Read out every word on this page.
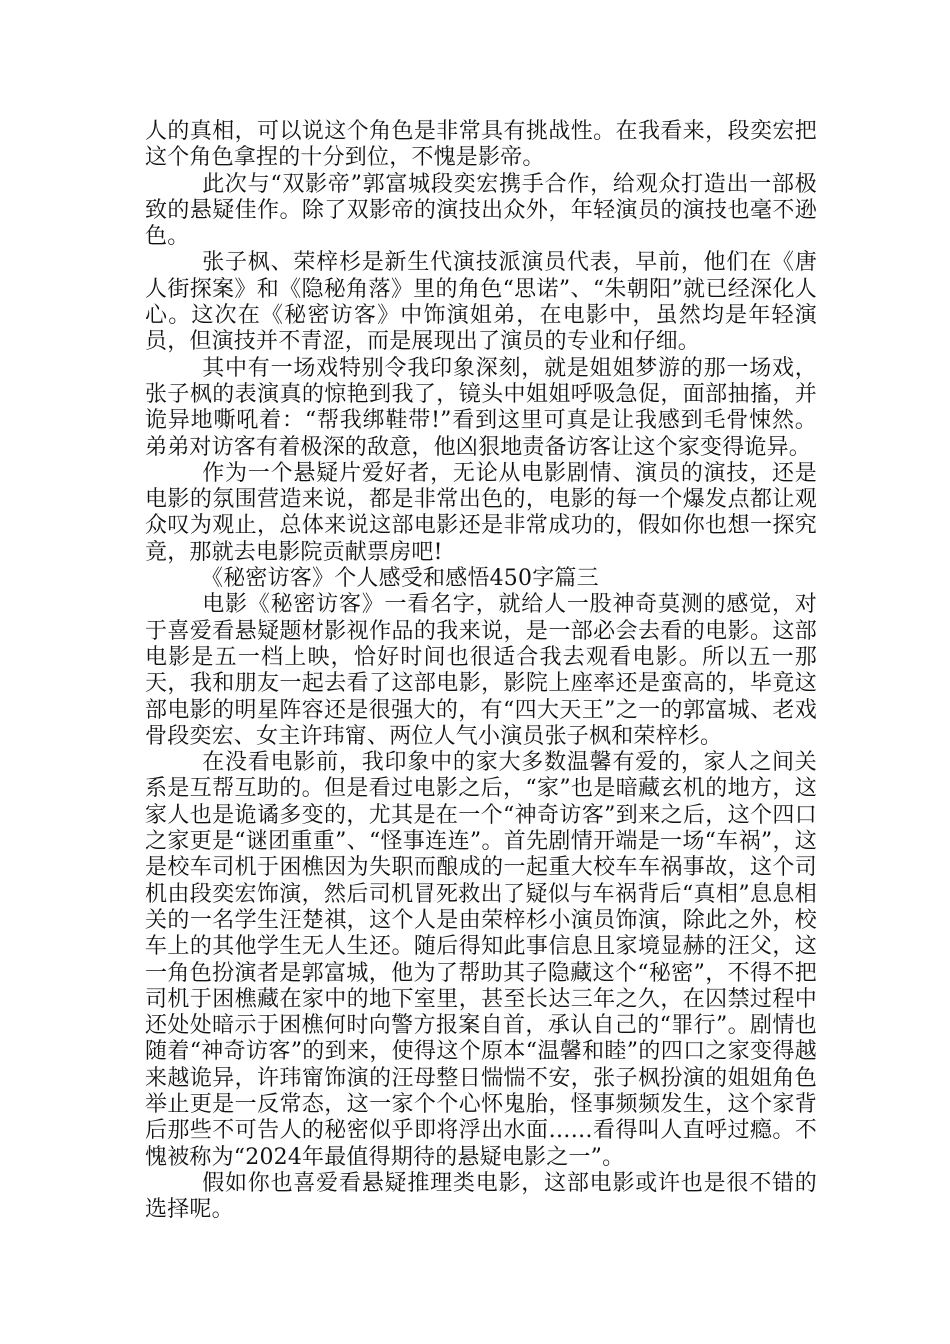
人的真相，可以说这个角色是非常具有挑战性。在我看来，段奕宏把这个角色拿捏的十分到位，不愧是影帝。

此次与“双影帝”郭富城段奕宏携手合作，给观众打造出一部极致的悬疑佳作。除了双影帝的演技出众外，年轻演员的演技也毫不逊色。

张子枫、荣梓杉是新生代演技派演员代表，早前，他们在《唐人街探案》和《隐秘角落》里的角色“思诺”、“朱朝阳”就已经深化人心。这次在《秘密访客》中饰演姐弟，在电影中，虽然均是年轻演员，但演技并不青涩，而是展现出了演员的专业和仔细。

其中有一场戏特别令我印象深刻，就是姐姐梦游的那一场戏，张子枫的表演真的惊艳到我了，镜头中姐姐呼吸急促，面部抽搐，并诡异地嘶吼着：“帮我绑鞋带!”看到这里可真是让我感到毛骨悚然。弟弟对访客有着极深的敌意，他凶狠地责备访客让这个家变得诡异。

作为一个悬疑片爱好者，无论从电影剧情、演员的演技，还是电影的氛围营造来说，都是非常出色的，电影的每一个爆发点都让观众叹为观止，总体来说这部电影还是非常成功的，假如你也想一探究竟，那就去电影院贡献票房吧!

《秘密访客》个人感受和感悟450字篇三

电影《秘密访客》一看名字，就给人一股神奇莫测的感觉，对于喜爱看悬疑题材影视作品的我来说，是一部必会去看的电影。这部电影是五一档上映，恰好时间也很适合我去观看电影。所以五一那天，我和朋友一起去看了这部电影，影院上座率还是蛮高的，毕竟这部电影的明星阵容还是很强大的，有“四大天王”之一的郭富城、老戏骨段奕宏、女主许玮甯、两位人气小演员张子枫和荣梓杉。

在没看电影前，我印象中的家大多数温馨有爱的，家人之间关系是互帮互助的。但是看过电影之后，“家”也是暗藏玄机的地方，这家人也是诡谲多变的，尤其是在一个“神奇访客”到来之后，这个四口之家更是“谜团重重”、“怪事连连”。首先剧情开端是一场“车祸”，这是校车司机于困樵因为失职而酿成的一起重大校车车祸事故，这个司机由段奕宏饰演，然后司机冒死救出了疑似与车祸背后“真相”息息相关的一名学生汪楚祺，这个人是由荣梓杉小演员饰演，除此之外，校车上的其他学生无人生还。随后得知此事信息且家境显赫的汪父，这一角色扮演者是郭富城，他为了帮助其子隐藏这个“秘密”，不得不把司机于困樵藏在家中的地下室里，甚至长达三年之久，在囚禁过程中还处处暗示于困樵何时向警方报案自首，承认自己的“罪行”。剧情也随着“神奇访客”的到来，使得这个原本“温馨和睦”的四口之家变得越来越诡异，许玮甯饰演的汪母整日惴惴不安，张子枫扮演的姐姐角色举止更是一反常态，这一家个个心怀鬼胎，怪事频频发生，这个家背后那些不可告人的秘密似乎即将浮出水面……看得叫人直呼过瘾。不愧被称为“2024年最值得期待的悬疑电影之一”。

假如你也喜爱看悬疑推理类电影，这部电影或许也是很不错的选择呢。
